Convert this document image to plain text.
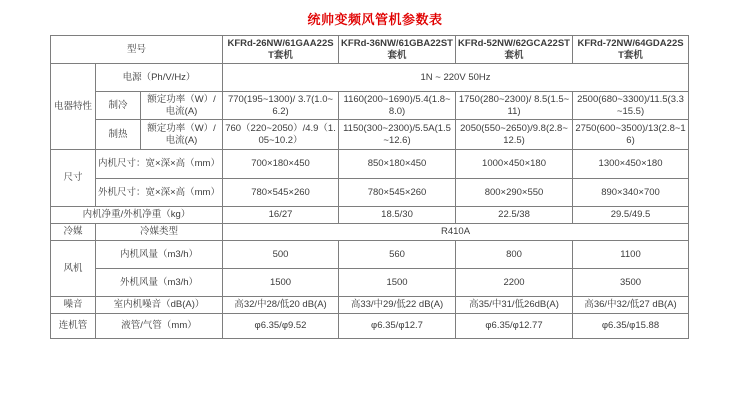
统帅变频风管机参数表
型号			KFRd-26NW/61GAA22ST套机	KFRd-36NW/61GBA22ST套机	KFRd-52NW/62GCA22ST套机	KFRd-72NW/64GDA22ST套机
电器特性	电源（Ph/V/Hz）		1N ~ 220V 50Hz			
	制冷	额定功率（W）/电流(A)	770(195~1300)/ 3.7(1.0~6.2)	1160(200~1690)/5.4(1.8~8.0)	1750(280~2300)/ 8.5(1.5~11)	2500(680~3300)/11.5(3.3~15.5)
	制热	额定功率（W）/电流(A)	760（220~2050）/4.9（1.05~10.2）	1150(300~2300)/5.5A(1.5~12.6)	2050(550~2650)/9.8(2.8~12.5)	2750(600~3500)/13(2.8~16)
尺寸	内机尺寸：宽×深×高（mm）		700×180×450	850×180×450	1000×450×180	1300×450×180
	外机尺寸：宽×深×高（mm）		780×545×260	780×545×260	800×290×550	890×340×700
内机净重/外机净重（kg）			16/27	18.5/30	22.5/38	29.5/49.5
冷媒	冷媒类型		R410A			
风机	内机风量（m3/h）		500	560	800	1100
	外机风量（m3/h）		1500	1500	2200	3500
噪音	室内机噪音（dB(A)）		高32/中28/低20 dB(A)	高33/中29/低22 dB(A)	高35/中31/低26dB(A)	高36/中32/低27 dB(A)
连机管	液管/气管（mm）		φ6.35/φ9.52	φ6.35/φ12.7	φ6.35/φ12.77	φ6.35/φ15.88
